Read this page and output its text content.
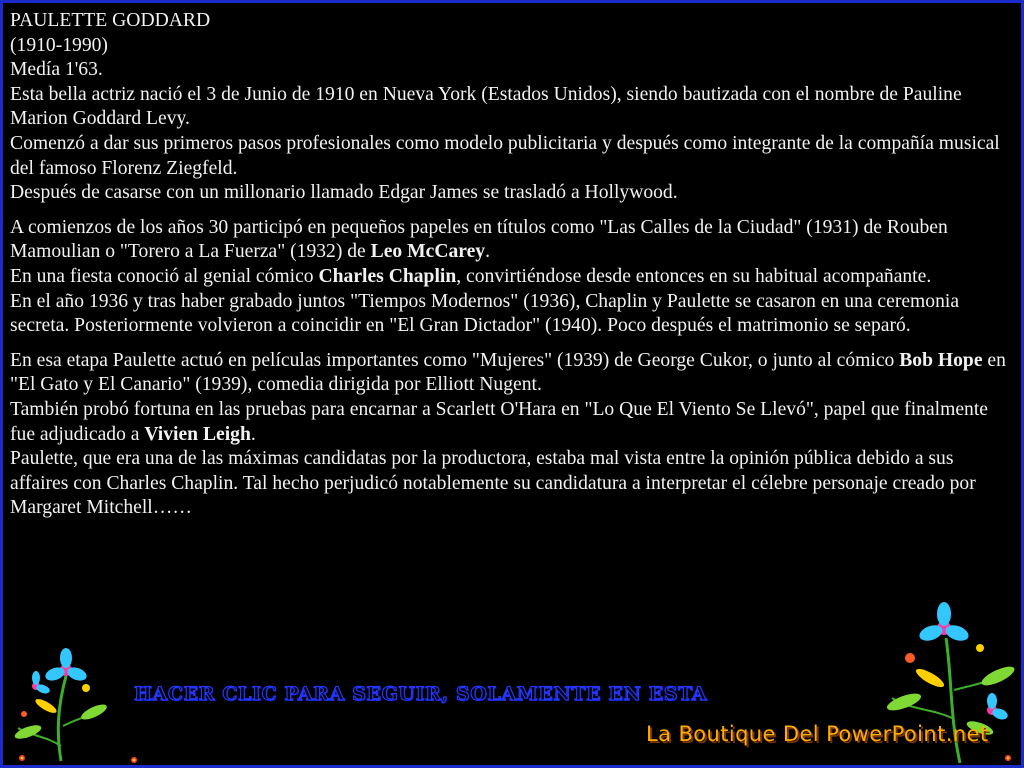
PAULETTE GODDARD

(1910-1990)

Medía 1'63.

Esta bella actriz nació el 3 de Junio de 1910 en Nueva York (Estados Unidos), siendo bautizada con el nombre de Pauline Marion Goddard Levy.

Comenzó a dar sus primeros pasos profesionales como modelo publicitaria y después como integrante de la compañía musical del famoso Florenz Ziegfeld.

Después de casarse con un millonario llamado Edgar James se trasladó a Hollywood.

A comienzos de los años 30 participó en pequeños papeles en títulos como "Las Calles de la Ciudad" (1931) de Rouben Mamoulian o "Torero a La Fuerza" (1932) de Leo McCarey.

En una fiesta conoció al genial cómico Charles Chaplin, convirtiéndose desde entonces en su habitual acompañante.

En el año 1936 y tras haber grabado juntos "Tiempos Modernos" (1936), Chaplin y Paulette se casaron en una ceremonia secreta. Posteriormente volvieron a coincidir en "El Gran Dictador" (1940). Poco después el matrimonio se separó.

En esa etapa Paulette actuó en películas importantes como "Mujeres" (1939) de George Cukor, o junto al cómico Bob Hope en "El Gato y El Canario" (1939), comedia dirigida por Elliott Nugent.

También probó fortuna en las pruebas para encarnar a Scarlett O'Hara en "Lo Que El Viento Se Llevó", papel que finalmente fue adjudicado a Vivien Leigh.

Paulette, que era una de las máximas candidatas por la productora, estaba mal vista entre la opinión pública debido a sus affaires con Charles Chaplin. Tal hecho perjudicó notablemente su candidatura a interpretar el célebre personaje creado por Margaret Mitchell……

HACER CLIC PARA SEGUIR, SOLAMENTE EN ESTA
La Boutique Del PowerPoint.net
